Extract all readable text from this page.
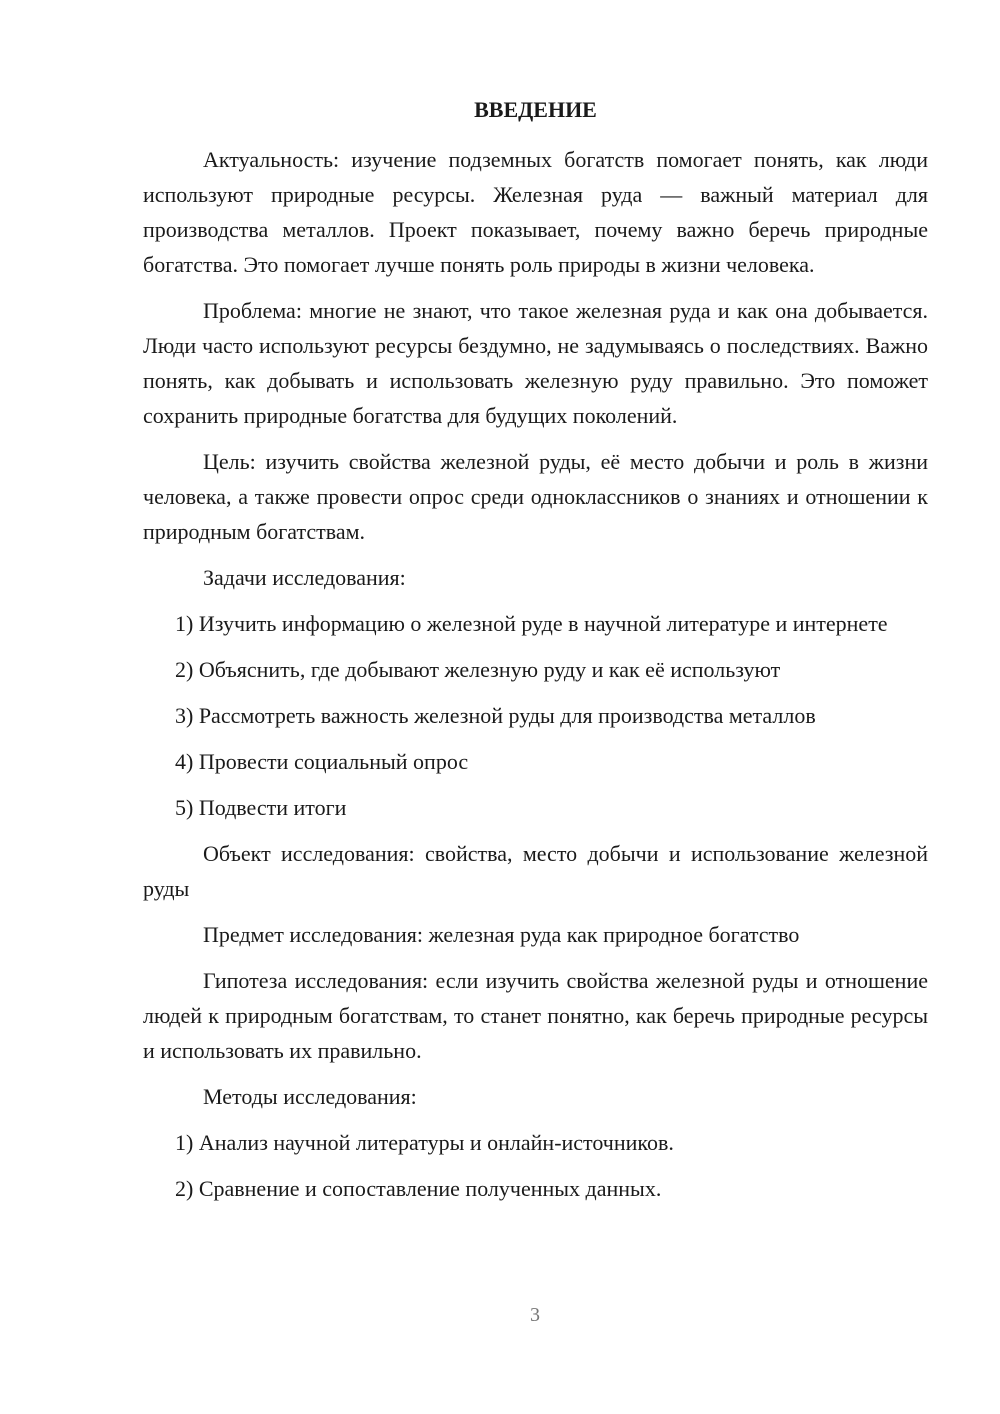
ВВЕДЕНИЕ

Актуальность: изучение подземных богатств помогает понять, как люди используют природные ресурсы. Железная руда — важный материал для производства металлов. Проект показывает, почему важно беречь природные богатства. Это помогает лучше понять роль природы в жизни человека.

Проблема: многие не знают, что такое железная руда и как она добывается. Люди часто используют ресурсы бездумно, не задумываясь о последствиях. Важно понять, как добывать и использовать железную руду правильно. Это поможет сохранить природные богатства для будущих поколений.

Цель: изучить свойства железной руды, её место добычи и роль в жизни человека, а также провести опрос среди одноклассников о знаниях и отношении к природным богатствам.

Задачи исследования:

1) Изучить информацию о железной руде в научной литературе и интернете

2) Объяснить, где добывают железную руду и как её используют

3) Рассмотреть важность железной руды для производства металлов

4) Провести социальный опрос

5) Подвести итоги

Объект исследования: свойства, место добычи и использование железной руды

Предмет исследования: железная руда как природное богатство

Гипотеза исследования: если изучить свойства железной руды и отношение людей к природным богатствам, то станет понятно, как беречь природные ресурсы и использовать их правильно.

Методы исследования:

1) Анализ научной литературы и онлайн-источников.

2) Сравнение и сопоставление полученных данных.

3
